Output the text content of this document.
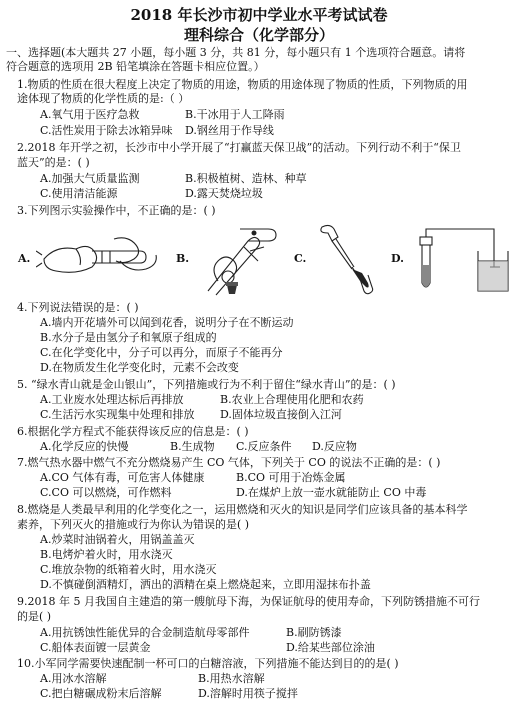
2018 年长沙市初中学业水平考试试卷
理科综合（化学部分）
一、选择题(本大题共 27 小题，每小题 3 分，共 81 分，每小题只有 1 个选项符合题意。请将
符合题意的选项用 2B 铅笔填涂在答题卡相应位置。）
1.物质的性质在很大程度上决定了物质的用途，物质的用途体现了物质的性质，下列物质的用
途体现了物质的化学性质的是:（ ）
A.氧气用于医疗急救	B.干冰用于人工降雨
C.活性炭用于除去冰箱异味 D.钢丝用于作导线
2.2018 年开学之初，长沙市中小学开展了“打赢蓝天保卫战”的活动。下列行动不利于“保卫
蓝天”的是：( )
A.加强大气质量监测	B.积极植树、造林、种草
C.使用清洁能源	D.露天焚烧垃圾
3.下列图示实验操作中，不正确的是：( )
A.	B.	C.	D.
4.下列说法错误的是：( )
A.墙内开花墙外可以闻到花香，说明分子在不断运动
B.水分子是由氢分子和氧原子组成的
C.在化学变化中，分子可以再分，而原子不能再分
D.在物质发生化学变化时，元素不会改变
5. “绿水青山就是金山银山”，下列措施或行为不利于留住“绿水青山”的是：( )
A.工业废水处理达标后再排放	B.农业上合理使用化肥和农药
C.生活污水实现集中处理和排放 D.固体垃圾直接倒入江河
6.根据化学方程式不能获得该反应的信息是：( )
A.化学反应的快慢	B.生成物 C.反应条件 D.反应物
7.燃气热水器中燃气不充分燃烧易产生 CO 气体，下列关于 CO 的说法不正确的是：( )
A.CO 气体有毒，可危害人体健康	B.CO 可用于冶炼金属
C.CO 可以燃烧，可作燃料	D.在煤炉上放一壶水就能防止 CO 中毒
8.燃烧是人类最早利用的化学变化之一，运用燃烧和灭火的知识是同学们应该具备的基本科学
素养，下列灭火的措施或行为你认为错误的是( )
A.炒菜时油锅着火，用锅盖盖灭
B.电烤炉着火时，用水浇灭
C.堆放杂物的纸箱着火时，用水浇灭
D.不慎碰倒酒精灯，洒出的酒精在桌上燃烧起来，立即用湿抹布扑盖
9.2018 年 5 月我国自主建造的第一艘航母下海，为保证航母的使用寿命，下列防锈措施不可行
的是( )
A.用抗锈蚀性能优异的合金制造航母零部件	B.刷防锈漆
C.船体表面镀一层黄金	D.给某些部位涂油
10.小军同学需要快速配制一杯可口的白糖溶液，下列措施不能达到目的的是( )
A.用冰水溶解	B.用热水溶解
C.把白糖碾成粉末后溶解	D.溶解时用筷子搅拌
